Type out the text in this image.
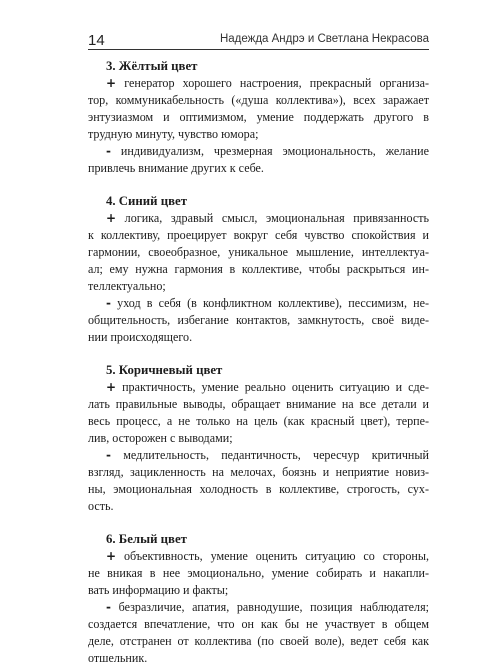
14	Надежда Андрэ и Светлана Некрасова
3. Жёлтый цвет
+ генератор хорошего настроения, прекрасный организа-
тор, коммуникабельность («душа коллектива»), всех заражает
энтузиазмом и оптимизмом, умение поддержать другого в
трудную минуту, чувство юмора;
- индивидуализм, чрезмерная эмоциональность, желание
привлечь внимание других к себе.
4. Синий цвет
+ логика, здравый смысл, эмоциональная привязанность
к коллективу, проецирует вокруг себя чувство спокойствия и
гармонии, своеобразное, уникальное мышление, интеллектуа-
ал; ему нужна гармония в коллективе, чтобы раскрыться ин-
теллектуально;
- уход в себя (в конфликтном коллективе), пессимизм, не-
общительность, избегание контактов, замкнутость, своё виде-
нии происходящего.
5. Коричневый цвет
+ практичность, умение реально оценить ситуацию и сде-
лать правильные выводы, обращает внимание на все детали и
весь процесс, а не только на цель (как красный цвет), терпе-
лив, осторожен с выводами;
- медлительность, педантичность, чересчур критичный
взгляд, зацикленность на мелочах, боязнь и неприятие новиз-
ны, эмоциональная холодность в коллективе, строгость, сух-
ость.
6. Белый цвет
+ объективность, умение оценить ситуацию со стороны,
не вникая в нее эмоционально, умение собирать и накапли-
вать информацию и факты;
- безразличие, апатия, равнодушие, позиция наблюдателя;
создается впечатление, что он как бы не участвует в общем
деле, отстранен от коллектива (по своей воле), ведет себя как
отшельник.
